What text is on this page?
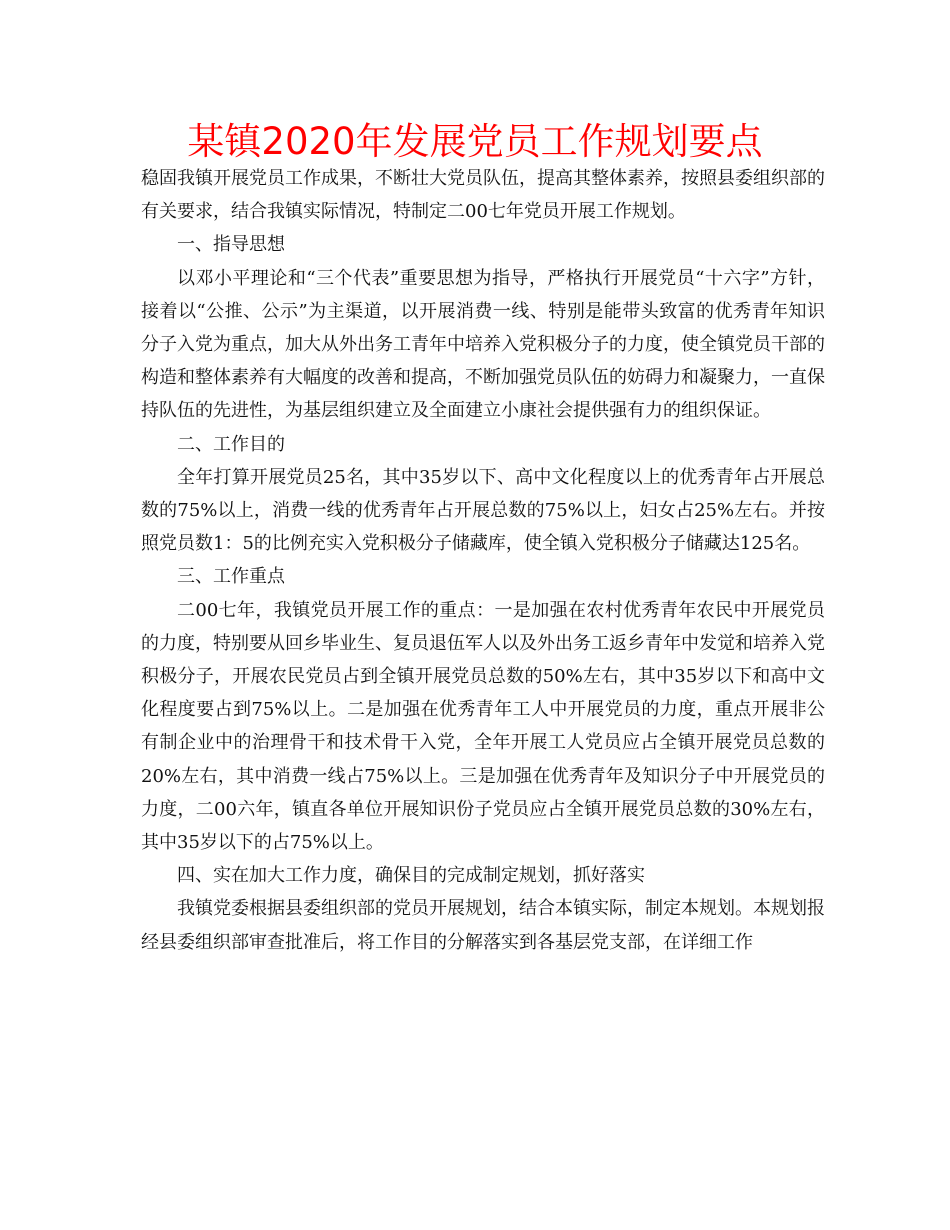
某镇2020年发展党员工作规划要点

稳固我镇开展党员工作成果，不断壮大党员队伍，提高其整体素养，按照县委组织部的有关要求，结合我镇实际情况，特制定二00七年党员开展工作规划。

一、指导思想

以邓小平理论和“三个代表”重要思想为指导，严格执行开展党员“十六字”方针，接着以“公推、公示”为主渠道，以开展消费一线、特别是能带头致富的优秀青年知识分子入党为重点，加大从外出务工青年中培养入党积极分子的力度，使全镇党员干部的构造和整体素养有大幅度的改善和提高，不断加强党员队伍的妨碍力和凝聚力，一直保持队伍的先进性，为基层组织建立及全面建立小康社会提供强有力的组织保证。

二、工作目的

全年打算开展党员25名，其中35岁以下、高中文化程度以上的优秀青年占开展总数的75%以上，消费一线的优秀青年占开展总数的75%以上，妇女占25%左右。并按照党员数1：5的比例充实入党积极分子储藏库，使全镇入党积极分子储藏达125名。

三、工作重点

二00七年，我镇党员开展工作的重点：一是加强在农村优秀青年农民中开展党员的力度，特别要从回乡毕业生、复员退伍军人以及外出务工返乡青年中发觉和培养入党积极分子，开展农民党员占到全镇开展党员总数的50%左右，其中35岁以下和高中文化程度要占到75%以上。二是加强在优秀青年工人中开展党员的力度，重点开展非公有制企业中的治理骨干和技术骨干入党，全年开展工人党员应占全镇开展党员总数的20%左右，其中消费一线占75%以上。三是加强在优秀青年及知识分子中开展党员的力度，二00六年，镇直各单位开展知识份子党员应占全镇开展党员总数的30%左右，其中35岁以下的占75%以上。

四、实在加大工作力度，确保目的完成制定规划，抓好落实

我镇党委根据县委组织部的党员开展规划，结合本镇实际，制定本规划。本规划报经县委组织部审查批准后，将工作目的分解落实到各基层党支部，在详细工作
